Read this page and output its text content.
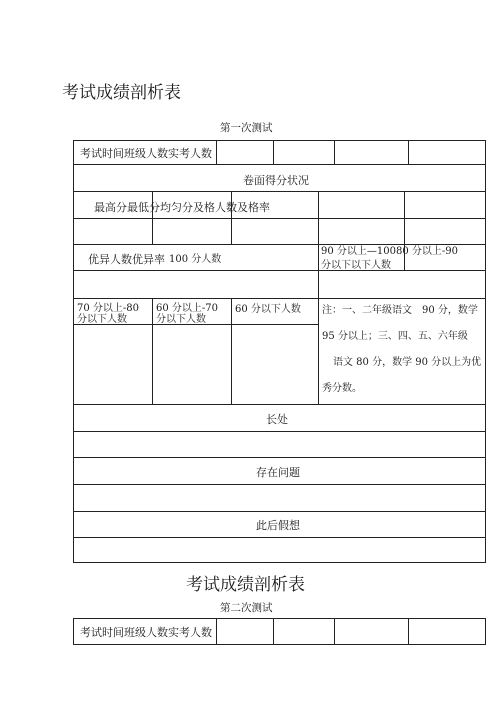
考试成绩剖析表
第一次测试
考试时间班级人数实考人数
卷面得分状况
最高分最低分均匀分及格人数及格率
优异人数优异率 100 分人数
90 分以上—10080 分以上-90 分以下以下人数
70 分以上-80 分以下人数
60 分以上-70 分以下人数
60 分以下人数 注：一、二年级语文　90 分，数学
95 分以上；三、四、五、六年级
语文 80 分，数学 90 分以上为优
秀分数。
长处
存在问题
此后假想
考试成绩剖析表
第二次测试
考试时间班级人数实考人数
